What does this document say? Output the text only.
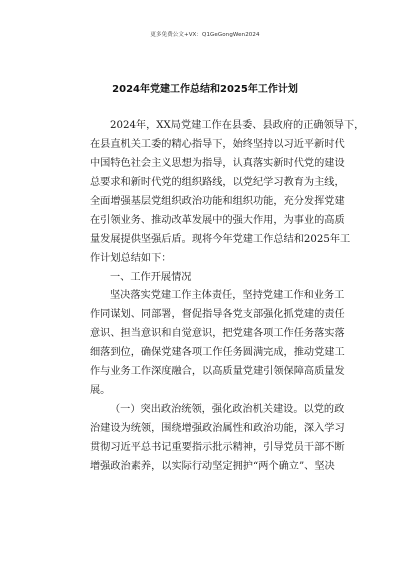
更多免费公文+VX：Q1GeGongWen2024
2024年党建工作总结和2025年工作计划
2024年，XX局党建工作在县委、县政府的正确领导下，
在县直机关工委的精心指导下，始终坚持以习近平新时代
中国特色社会主义思想为指导，认真落实新时代党的建设
总要求和新时代党的组织路线，以党纪学习教育为主线，
全面增强基层党组织政治功能和组织功能，充分发挥党建
在引领业务、推动改革发展中的强大作用，为事业的高质
量发展提供坚强后盾。现将今年党建工作总结和2025年工
作计划总结如下：
一、工作开展情况
坚决落实党建工作主体责任，坚持党建工作和业务工
作同谋划、同部署，督促指导各党支部强化抓党建的责任
意识、担当意识和自觉意识，把党建各项工作任务落实落
细落到位，确保党建各项工作任务圆满完成，推动党建工
作与业务工作深度融合，以高质量党建引领保障高质量发
展。
（一）突出政治统领，强化政治机关建设。以党的政
治建设为统领，围绕增强政治属性和政治功能，深入学习
贯彻习近平总书记重要指示批示精神，引导党员干部不断
增强政治素养，以实际行动坚定拥护“两个确立”、坚决
